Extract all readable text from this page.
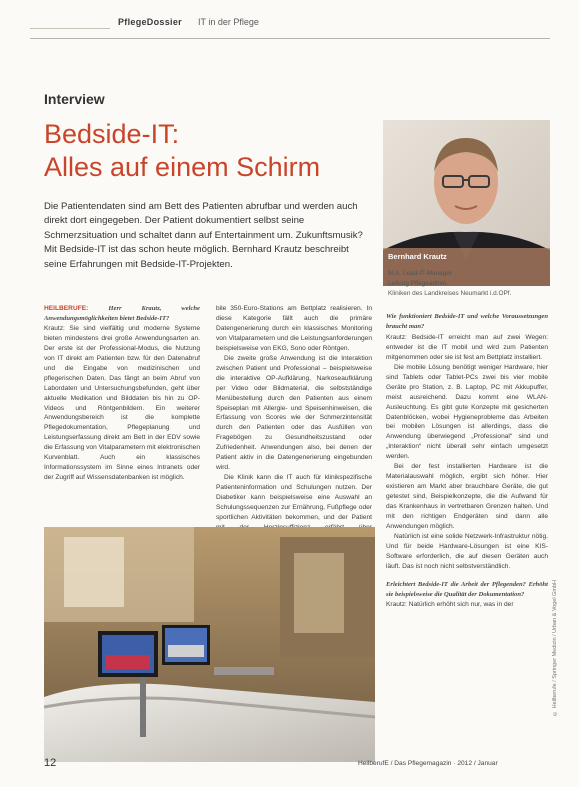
PflegeDossier IT in der Pflege
Interview
Bedside-IT:
Alles auf einem Schirm
Die Patientendaten sind am Bett des Patienten abrufbar und werden auch direkt dort eingegeben. Der Patient dokumentiert selbst seine Schmerzsituation und schaltet dann auf Entertainment um. Zukunftsmusik? Mit Bedside-IT ist das schon heute möglich. Bernhard Krautz beschreibt seine Erfahrungen mit Bedside-IT-Projekten.
Bernhard Krautz
M.A. Lead-IT-Manager
Leitung Pflegeadmin.
Kliniken des Landkreises Neumarkt i.d.OPf.

HEILBERUFE:	Herr Krautz, welche Anwendungsmöglichkeiten bietet Bedside-IT?

Krautz: Sie sind vielfältig und moderne Systeme bieten mindestens drei große Anwendungsarten an. Der erste ist der Professional-Modus, die Nutzung von IT direkt am Patienten bzw. für den Datenabruf und die Eingabe von medizinischen und pflegerischen Daten. Das fängt an beim Abruf von Labordaten und Untersuchungsbefunden, geht über aktuelle Medikation und Bilddaten bis hin zu OP-Videos und Röntgenbildern. Ein weiterer Anwendungsbereich ist die komplette Pflegedokumentation, Pflegeplanung und Leistungserfassung direkt am Bett in der EDV sowie die Erfassung von Vitalparametern mit elektronischen Kurvenblatt. Auch ein klassisches Informationssystem im Sinne eines Intranets oder der Zugriff auf Wissensdatenbanken ist möglich.

bile 350-Euro-Stations am Bettplatz realisieren. In diese Kategorie fällt auch die primäre Datengenerierung durch ein klassisches Monitoring von Vitalparametern und die Leistungsanforderungen beispielsweise von EKG, Sono oder Röntgen.

Die zweite große Anwendung ist die Interaktion zwischen Patient und Professional – beispielsweise die interaktive OP-Aufklärung, Narkoseaufklärung per Video oder Bildmaterial, die selbstständige Menübestellung durch den Patienten aus einem Speiseplan mit Allergie- und Speisenhinweisen, die Erfassung von Scores wie der Schmerzintensität durch den Patienten oder das Ausfüllen von Fragebögen zu Gesundheitszustand oder Zufriedenheit. Anwendungen also, bei denen der Patient aktiv in die Datengenerierung eingebunden wird.

Die Klinik kann die IT auch für klinikspezifische Patienteninformation und Schulungen nutzen. Der Diabetiker kann beispielsweise eine Auswahl an Schulungssequenzen zur Ernährung, Fußpflege oder sportlichen Aktivitäten bekommen, und der Patient

Wie funktioniert Bedside-IT und welche Voraussetzungen braucht man?

Krautz: Bedside-IT erreicht man auf zwei Wegen: entweder ist die IT mobil und wird zum Patienten mitgenommen oder sie ist fest am Bettplatz installiert.

Die mobile Lösung benötigt weniger Hardware, hier sind Tablets oder Tablet-PCs zwei bis vier mobile Geräte pro Station, z. B. Laptop, PC mit Akkupuffer, meist ausreichend. Dazu kommt eine WLAN-Ausleuchtung. Es gibt gute Konzepte mit gesicherten Datenblöcken, wobei Hygieneprobleme das Arbeiten bei mobilen Lösungen ist allerdings, dass die Anwendung überwiegend „Professional“ sind und „Interaktion“ nicht überall sehr einfach umgesetzt werden.

Bei der fest installierten Hardware ist die Materialauswahl möglich, ergibt sich höher. Hier existieren am Markt aber brauchbare Geräte, die gut getestet sind, Beispielkonzepte, die die Aufwand für das Krankenhaus in vertretbaren Grenzen halten. Und mit den richtigen Endgeräten sind dann alle Anwendungen möglich.

Natürlich ist eine solide Netzwerk-Infrastruktur nötig. Und für beide Hardware-Lösungen ist eine KIS-Software erforderlich, die auf diesen Geräten auch läuft. Das ist noch nicht selbstverständlich.

Erleichtert Bedside-IT die Arbeit der Pflegenden? Erhöht sie beispielsweise die Qualität der Dokumentation?

Krautz: Natürlich erhöht sich nur, was in der	© Heilberufe / Springer Medizin / Urban & Vogel GmbH
12	HeilberufE / Das Pflegemagazin · 2012 / Januar
